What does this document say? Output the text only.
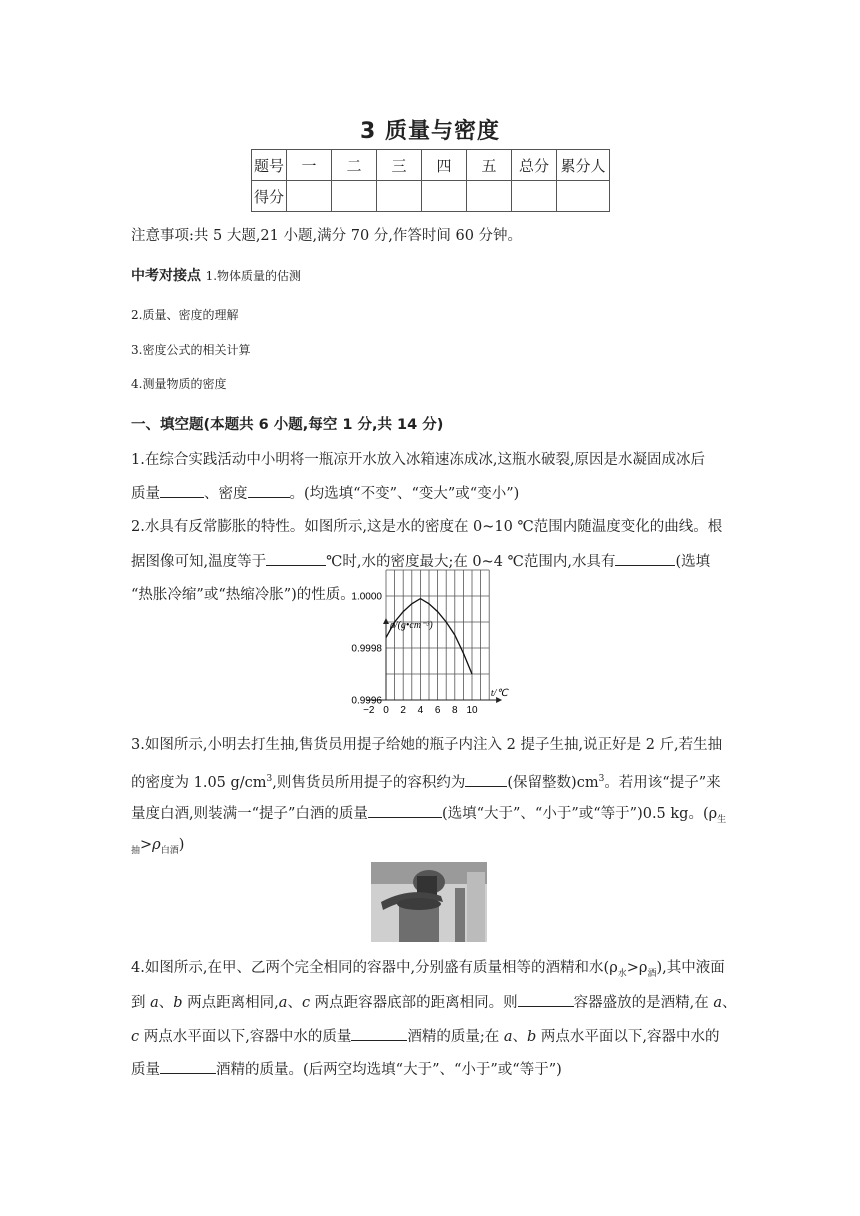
3 质量与密度
题号	一	二	三	四	五	总分	累分人
得分							
注意事项:共 5 大题,21 小题,满分 70 分,作答时间 60 分钟。
中考对接点 1.物体质量的估测
2.质量、密度的理解
3.密度公式的相关计算
4.测量物质的密度
一、填空题(本题共 6 小题,每空 1 分,共 14 分)
1.在综合实践活动中小明将一瓶凉开水放入冰箱速冻成冰,这瓶水破裂,原因是水凝固成冰后
质量	、密度	。(均选填“不变”、“变大”或“变小”)
2.水具有反常膨胀的特性。如图所示,这是水的密度在 0~10 ℃范围内随温度变化的曲线。根
据图像可知,温度等于	℃时,水的密度最大;在 0~4 ℃范围内,水具有	(选填
“热胀冷缩”或“热缩冷胀”)的性质。
−2 0 2 4 6 8 10
0.9996
0.9998
1.0000
ρ/(g•cm⁻³)
t/℃
3.如图所示,小明去打生抽,售货员用提子给她的瓶子内注入 2 提子生抽,说正好是 2 斤,若生抽
的密度为 1.05 $g/cm^3$,则售货员所用提子的容积约为	(保留整数)$cm^3$。若用该“提子”来
量度白酒,则装满一“提子”白酒的质量	(选填“大于”、“小于”或“等于”)0.5 kg。($\rho_生$
$_抽>\rho_{白酒}$)
4.如图所示,在甲、乙两个完全相同的容器中,分别盛有质量相等的酒精和水$(\rho_水>\rho_酒)$,其中液面
到 a、b 两点距离相同,a、c 两点距容器底部的距离相同。则	容器盛放的是酒精,在 a、
c 两点水平面以下,容器中水的质量	酒精的质量;在 a、b 两点水平面以下,容器中水的
质量	酒精的质量。(后两空均选填“大于”、“小于”或“等于”)
